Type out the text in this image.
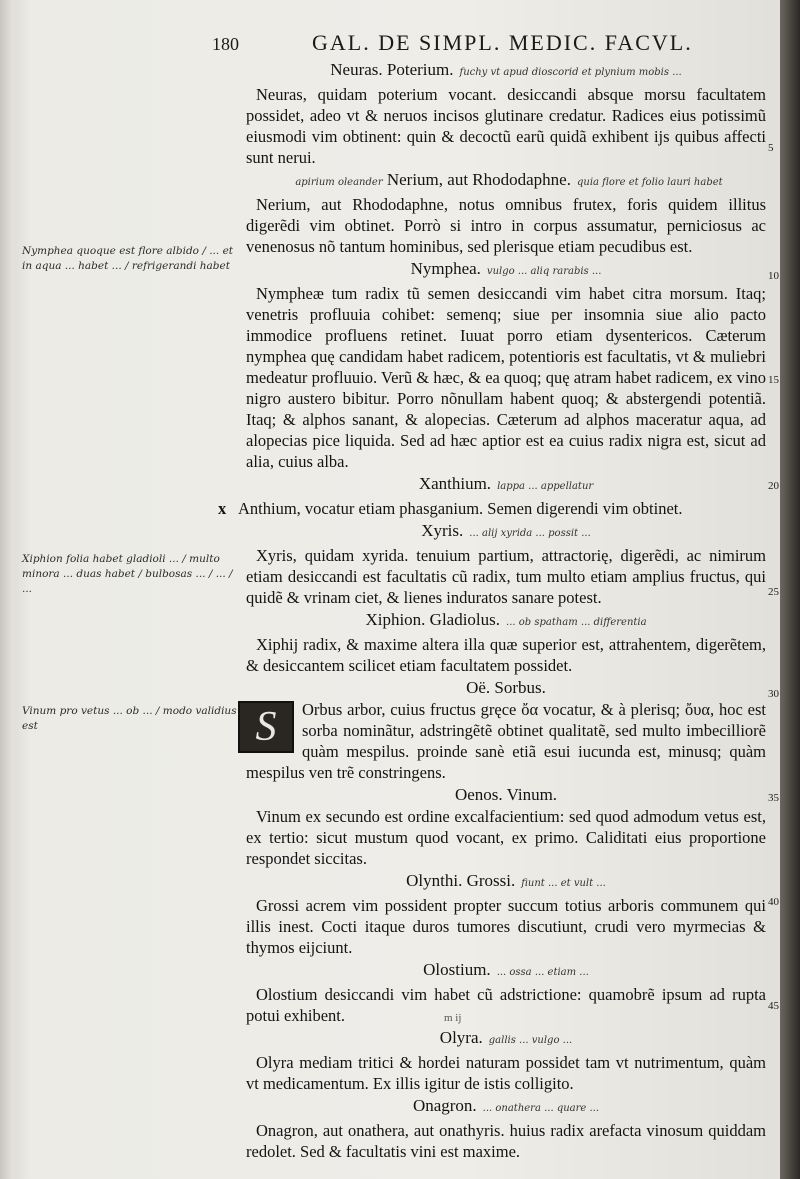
180	GAL. DE SIMPL. MEDIC. FACVL.
Neuras. Poterium. fuchy vt apud dioscorid et plynium mobis ...

Neuras, quidam poterium vocant. desiccandi absque morsu facultatem possidet, adeo vt & neruos incisos glutinare credatur. Radices eius potissimũ eiusmodi vim obtinent: quin & decoctũ earũ quidã exhibent ijs quibus affecti sunt nerui.

apirium oleander Nerium, aut Rhododaphne. quia flore et folio lauri habet

Nerium, aut Rhododaphne, notus omnibus frutex, foris quidem illitus digerẽdi vim obtinet. Porrò si intro in corpus assumatur, perniciosus ac venenosus nõ tantum hominibus, sed plerisque etiam pecudibus est.

Nymphea. vulgo ... aliq rarabis ...

Nympheæ tum radix tũ semen desiccandi vim habet citra morsum. Itaq; venetris profluuia cohibet: semenq; siue per insomnia siue alio pacto immodice profluens retinet. Iuuat porro etiam dysentericos. Cæterum nymphea quę candidam habet radicem, potentioris est facultatis, vt & muliebri medeatur profluuio. Verũ & hæc, & ea quoq; quę atram habet radicem, ex vino nigro austero bibitur. Porro nõnullam habent quoq; & abstergendi potentiã. Itaq; & alphos sanant, & alopecias. Cæterum ad alphos maceratur aqua, ad alopecias pice liquida. Sed ad hæc aptior est ea cuius radix nigra est, sicut ad alia, cuius alba.

Xanthium. lappa ... appellatur

x Anthium, vocatur etiam phasganium. Semen digerendi vim obtinet.

Xyris. ... alij xyrida ... possit ...

Xyris, quidam xyrida. tenuium partium, attractorię, digerẽdi, ac nimirum etiam desiccandi est facultatis cũ radix, tum multo etiam amplius fructus, qui quidẽ & vrinam ciet, & lienes induratos sanare potest.

Xiphion. Gladiolus. ... ob spatham ... differentia

Xiphij radix, & maxime altera illa quæ superior est, attrahentem, digerẽtem, & desiccantem scilicet etiam facultatem possidet.

Oë. Sorbus.

S	Orbus arbor, cuius fructus gręce ὄα vocatur, & à plerisq; ὄυα, hoc est sorba nominãtur, adstringẽtẽ obtinet qualitatẽ, sed multo imbecilliorẽ quàm mespilus. proinde sanè etiã esui iucunda est, minusq; quàm mespilus ven trẽ constringens.

Oenos. Vinum.

Vinum ex secundo est ordine excalfacientium: sed quod admodum vetus est, ex tertio: sicut mustum quod vocant, ex primo. Caliditati eius proportione respondet siccitas.

Olynthi. Grossi. fiunt ... et vult ...

Grossi acrem vim possident propter succum totius arboris communem qui illis inest. Cocti itaque duros tumores discutiunt, crudi vero myrmecias & thymos eijciunt.

Olostium. ... ossa ... etiam ...

Olostium desiccandi vim habet cũ adstrictione: quamobrẽ ipsum ad rupta potui exhibent.

Olyra. gallis ... vulgo ...

Olyra mediam tritici & hordei naturam possidet tam vt nutrimentum, quàm vt medicamentum. Ex illis igitur de istis colligito.

Onagron. ... onathera ... quare ...

Onagron, aut onathera, aut onathyris. huius radix arefacta vinosum quiddam redolet. Sed & facultatis vini est maxime.

5
10
15
20
25
30
35
40
45
Nymphea quoque est flore albido / ... et in aqua ... habet ... / refrigerandi habet
Xiphion folia habet gladioli ... / multo minora ... duas habet / bulbosas ... / ... / ...
Vinum pro vetus ... ob ... / modo validius est
m ij
